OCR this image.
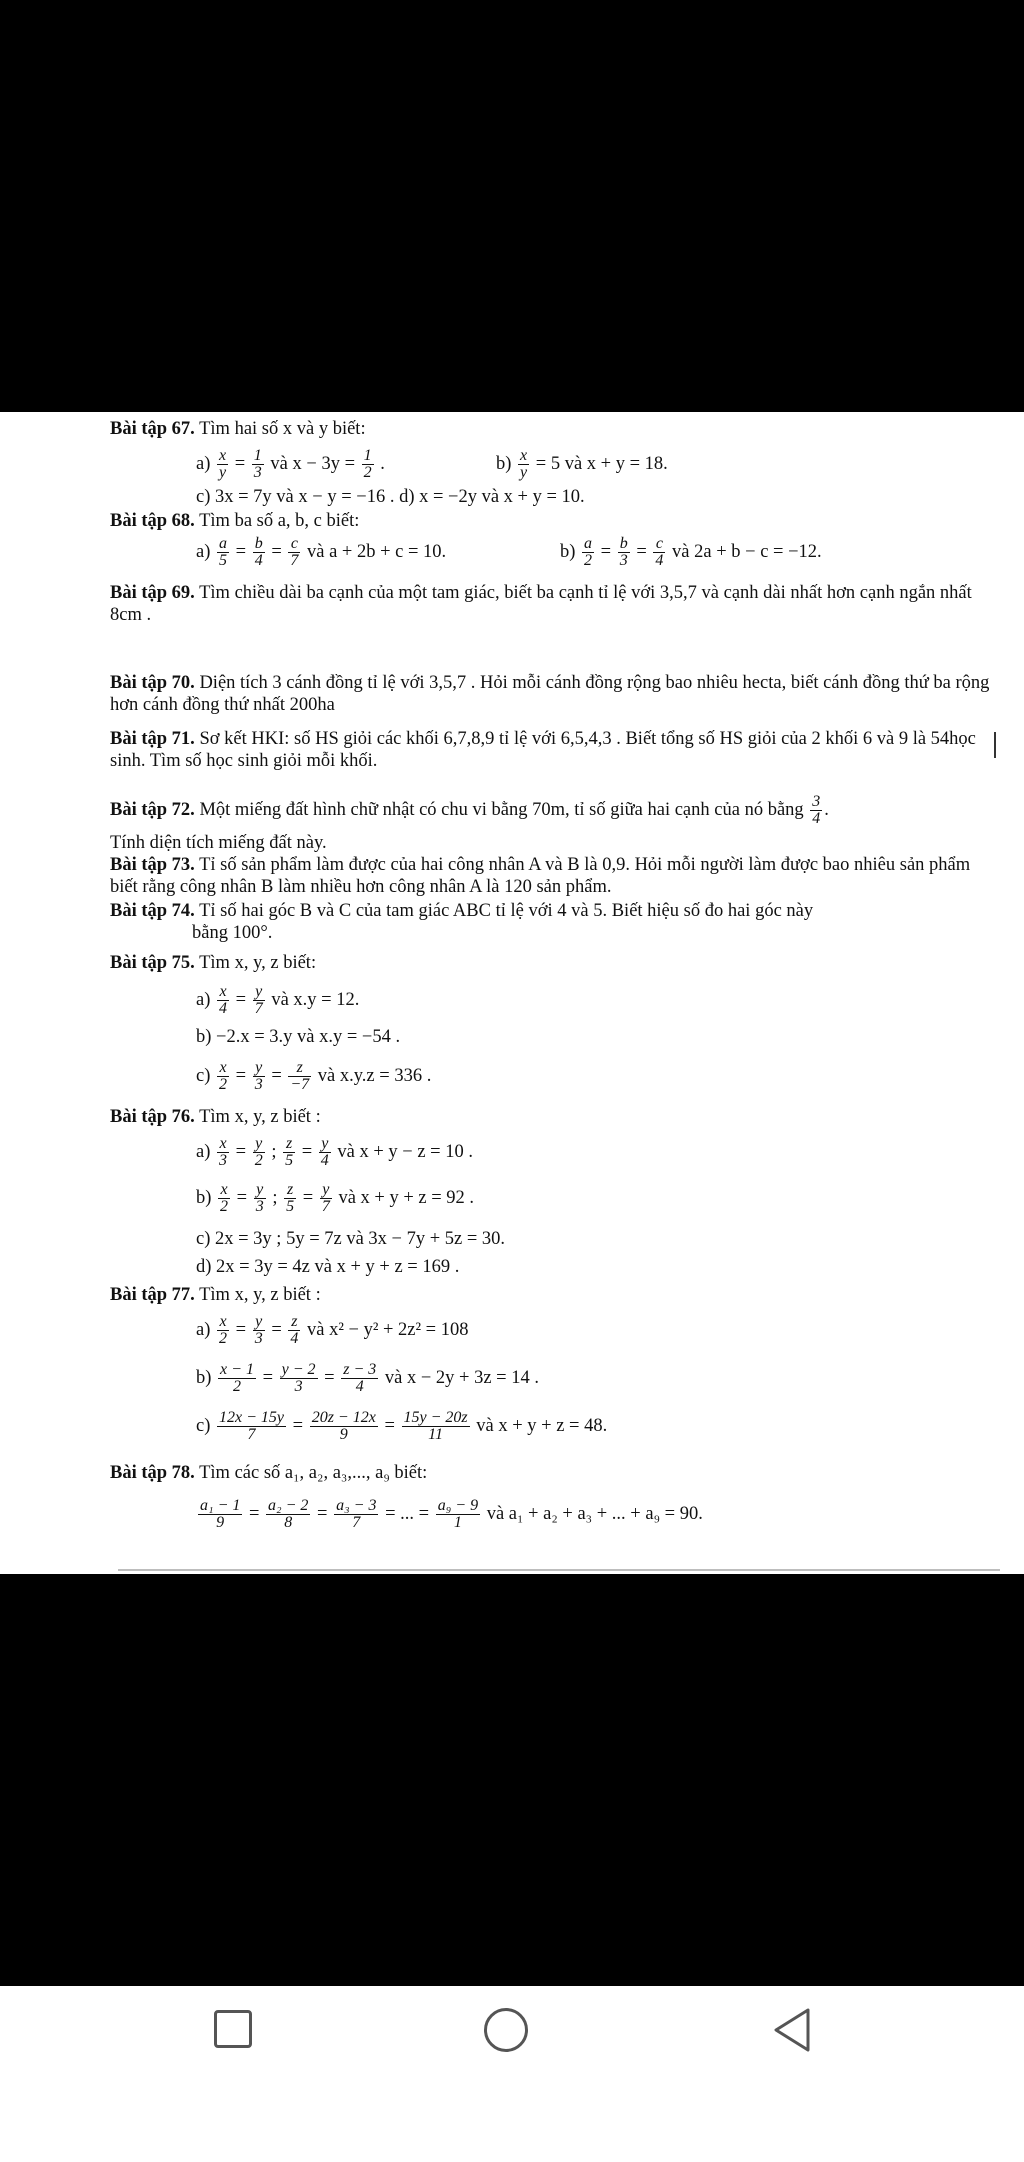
Bài tập 67. Tìm hai số x và y biết:
$a) \frac{x}{y} = \frac{1}{3}$ và $x - 3y = \frac{1}{2}$ .	$b) \frac{x}{y} = 5$ và x + y = 18.
c) 3x = 7y và x − y = −16 . d) x = −2y và x + y = 10.
Bài tập 68. Tìm ba số a, b, c biết:
$a) \frac{a}{5} = \frac{b}{4} = \frac{c}{7}$ và a + 2b + c = 10.	$b) \frac{a}{2} = \frac{b}{3} = \frac{c}{4}$ và 2a + b − c = −12.
Bài tập 69. Tìm chiều dài ba cạnh của một tam giác, biết ba cạnh tỉ lệ với 3,5,7 và cạnh dài nhất hơn cạnh ngắn nhất 8cm .
Bài tập 70. Diện tích 3 cánh đồng tỉ lệ với 3,5,7 . Hỏi mỗi cánh đồng rộng bao nhiêu hecta, biết cánh đồng thứ ba rộng hơn cánh đồng thứ nhất 200ha
Bài tập 71. Sơ kết HKI: số HS giỏi các khối 6,7,8,9 tỉ lệ với 6,5,4,3 . Biết tổng số HS giỏi của 2 khối 6 và 9 là 54học sinh. Tìm số học sinh giỏi mỗi khối.
Bài tập 72. Một miếng đất hình chữ nhật có chu vi bằng 70m, tỉ số giữa hai cạnh của nó bằng $\frac{3}{4}$ .
Tính diện tích miếng đất này.
Bài tập 73. Tỉ số sản phẩm làm được của hai công nhân A và B là 0,9. Hỏi mỗi người làm được bao nhiêu sản phẩm biết rằng công nhân B làm nhiều hơn công nhân A là 120 sản phẩm.
Bài tập 74. Tỉ số hai góc B và C của tam giác ABC tỉ lệ với 4 và 5. Biết hiệu số đo hai góc này
bằng 100°.
Bài tập 75. Tìm x, y, z biết:
$a) \frac{x}{4} = \frac{y}{7}$ và x.y = 12.
b) −2.x = 3.y và x.y = −54 .
$c) \frac{x}{2} = \frac{y}{3} = \frac{z}{-7}$ và x.y.z = 336 .
Bài tập 76. Tìm x, y, z biết :
$a) \frac{x}{3} = \frac{y}{2}$ ; $\frac{z}{5} = \frac{y}{4}$ và x + y − z = 10 .
$b) \frac{x}{2} = \frac{y}{3}$ ; $\frac{z}{5} = \frac{y}{7}$ và x + y + z = 92 .
c) 2x = 3y ; 5y = 7z và 3x − 7y + 5z = 30.
d) 2x = 3y = 4z và x + y + z = 169 .
Bài tập 77. Tìm x, y, z biết :
$a) \frac{x}{2} = \frac{y}{3} = \frac{z}{4}$ và x² − y² + 2z² = 108
$b) \frac{x - 1}{2} = \frac{y - 2}{3} = \frac{z - 3}{4}$ và x − 2y + 3z = 14 .
$c) \frac{12x - 15y}{7} = \frac{20z - 12x}{9} = \frac{15y - 20z}{11}$ và x + y + z = 48.
Bài tập 78. Tìm các số a₁, a₂, a₃,..., a₉ biết:
$\frac{\text{a₁ − 1}}{9} = \frac{\text{a₂ − 2}}{8} = \frac{\text{a₃ − 3}}{7}$ = ... = $\frac{\text{a₉ − 9}}{1}$ và a₁ + a₂ + a₃ + ... + a₉ = 90.
